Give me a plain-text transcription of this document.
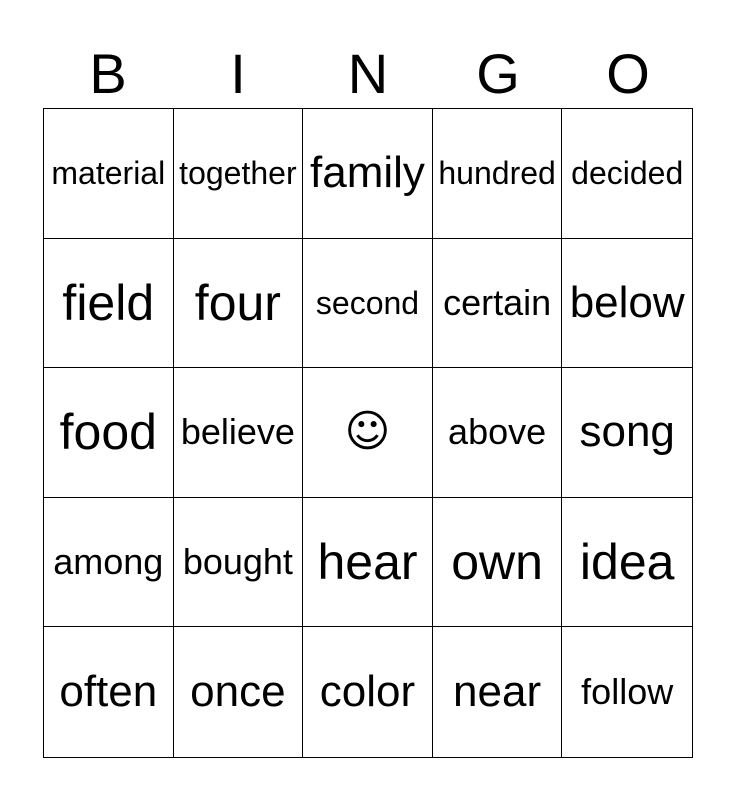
B	I	N	G	O
material together family hundred decided
field four	second certain below
food believe	☺	above song
among bought hear own idea
often once color near	follow
